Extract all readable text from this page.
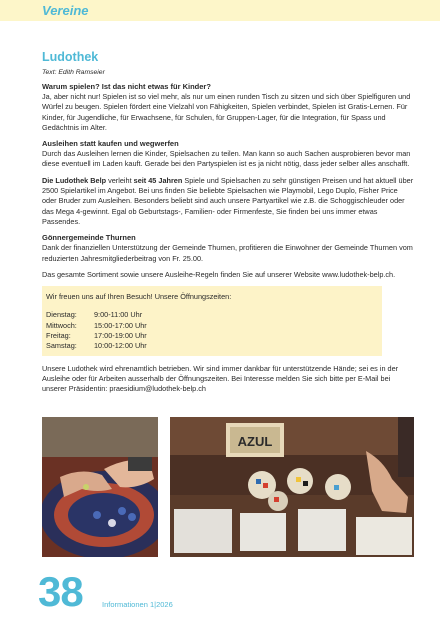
Vereine
Ludothek
Text: Edith Ramseier
Warum spielen? Ist das nicht etwas für Kinder?
Ja, aber nicht nur! Spielen ist so viel mehr, als nur um einen runden Tisch zu sitzen und sich über Spielfiguren und Würfel zu beugen. Spielen fördert eine Vielzahl von Fähigkeiten, Spielen verbindet, Spielen ist Gratis-Lernen. Für Kinder, für Jugendliche, für Erwachsene, für Schulen, für Gruppen-Lager, für die Integration, für Spass und Gedächtnis im Alter.
Ausleihen statt kaufen und wegwerfen
Durch das Ausleihen lernen die Kinder, Spielsachen zu teilen. Man kann so auch Sachen ausprobieren bevor man diese eventuell im Laden kauft. Gerade bei den Partyspielen ist es ja nicht nötig, dass jeder selber alles anschafft.
Die Ludothek Belp verleiht seit 45 Jahren Spiele und Spielsachen zu sehr günstigen Preisen und hat aktuell über 2500 Spielartikel im Angebot. Bei uns finden Sie beliebte Spielsachen wie Playmobil, Lego Duplo, Fisher Price oder Bruder zum Ausleihen. Besonders beliebt sind auch unsere Partyartikel wie z.B. die Schoggischleuder oder das Mega 4-gewinnt. Egal ob Geburtstags-, Familien- oder Firmenfeste, Sie finden bei uns immer etwas Passendes.
Gönnergemeinde Thurnen
Dank der finanziellen Unterstützung der Gemeinde Thurnen, profitieren die Einwohner der Gemeinde Thurnen vom reduzierten Jahresmitgliederbeitrag von Fr. 25.00.
Das gesamte Sortiment sowie unsere Ausleihe-Regeln finden Sie auf unserer Website www.ludothek-belp.ch.
Wir freuen uns auf Ihren Besuch! Unsere Öffnungszeiten:
Dienstag:	9:00-11:00 Uhr
Mittwoch:	15:00-17:00 Uhr
Freitag:	17:00-19:00 Uhr
Samstag:	10:00-12:00 Uhr
Unsere Ludothek wird ehrenamtlich betrieben. Wir sind immer dankbar für unterstützende Hände; sei es in der Ausleihe oder für Arbeiten ausserhalb der Öffnungszeiten. Bei Interesse melden Sie sich bitte per E-Mail bei unserer Präsidentin: praesidium@ludothek-belp.ch
AZUL
38	Informationen 1|2026
